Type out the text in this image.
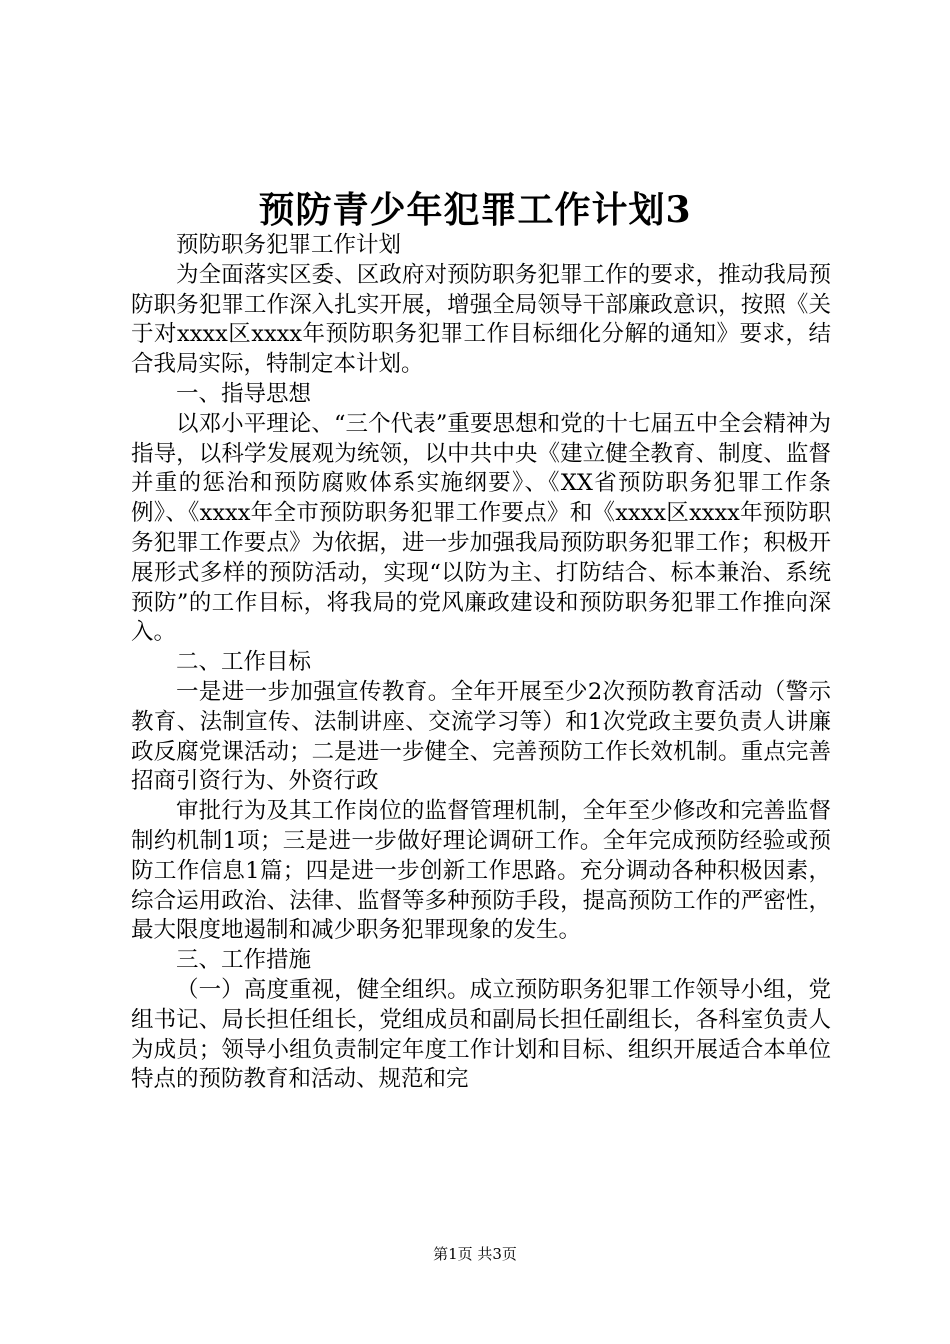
预防青少年犯罪工作计划3

预防职务犯罪工作计划

为全面落实区委、区政府对预防职务犯罪工作的要求，推动我局预防职务犯罪工作深入扎实开展，增强全局领导干部廉政意识，按照《关于对xxxx区xxxx年预防职务犯罪工作目标细化分解的通知》要求，结合我局实际，特制定本计划。

一、指导思想

以邓小平理论、“三个代表”重要思想和党的十七届五中全会精神为指导，以科学发展观为统领，以中共中央《建立健全教育、制度、监督并重的惩治和预防腐败体系实施纲要》、《XX省预防职务犯罪工作条例》、《xxxx年全市预防职务犯罪工作要点》和《xxxx区xxxx年预防职务犯罪工作要点》为依据，进一步加强我局预防职务犯罪工作；积极开展形式多样的预防活动，实现“以防为主、打防结合、标本兼治、系统预防”的工作目标，将我局的党风廉政建设和预防职务犯罪工作推向深入。

二、工作目标

一是进一步加强宣传教育。全年开展至少2次预防教育活动（警示教育、法制宣传、法制讲座、交流学习等）和1次党政主要负责人讲廉政反腐党课活动；二是进一步健全、完善预防工作长效机制。重点完善招商引资行为、外资行政

审批行为及其工作岗位的监督管理机制，全年至少修改和完善监督制约机制1项；三是进一步做好理论调研工作。全年完成预防经验或预防工作信息1篇；四是进一步创新工作思路。充分调动各种积极因素，综合运用政治、法律、监督等多种预防手段，提高预防工作的严密性，最大限度地遏制和减少职务犯罪现象的发生。

三、工作措施

（一）高度重视，健全组织。成立预防职务犯罪工作领导小组，党组书记、局长担任组长，党组成员和副局长担任副组长，各科室负责人为成员；领导小组负责制定年度工作计划和目标、组织开展适合本单位特点的预防教育和活动、规范和完

第1页 共3页
